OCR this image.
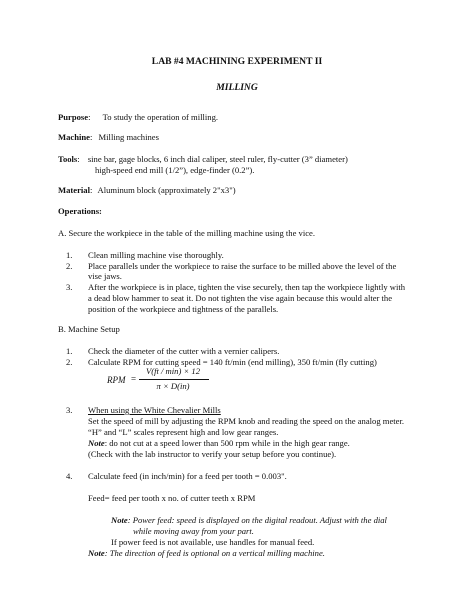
LAB #4 MACHINING EXPERIMENT II
MILLING
Purpose: To study the operation of milling.
Machine: Milling machines
Tools: sine bar, gage blocks, 6 inch dial caliper, steel ruler, fly-cutter (3” diameter)
high-speed end mill (1/2”), edge-finder (0.2”).
Material: Aluminum block (approximately 2"x3")
Operations:
A. Secure the workpiece in the table of the milling machine using the vice.
1. Clean milling machine vise thoroughly.
2. Place parallels under the workpiece to raise the surface to be milled above the level of the
vise jaws.
3. After the workpiece is in place, tighten the vise securely, then tap the workpiece lightly with
a dead blow hammer to seat it. Do not tighten the vise again because this would alter the
position of the workpiece and tightness of the parallels.
B. Machine Setup
1. Check the diameter of the cutter with a vernier calipers.
2. Calculate RPM for cutting speed = 140 ft/min (end milling), 350 ft/min (fly cutting)
RPM =
V(ft / min) × 12
π × D(in)
3. When using the White Chevalier Mills
Set the speed of mill by adjusting the RPM knob and reading the speed on the analog meter.
“H” and “L” scales represent high and low gear ranges.
Note: do not cut at a speed lower than 500 rpm while in the high gear range.
(Check with the lab instructor to verify your setup before you continue).
4. Calculate feed (in inch/min) for a feed per tooth = 0.003".
Feed= feed per tooth x no. of cutter teeth x RPM
Note: Power feed: speed is displayed on the digital readout. Adjust with the dial
while moving away from your part.
If power feed is not available, use handles for manual feed.
Note: The direction of feed is optional on a vertical milling machine.
